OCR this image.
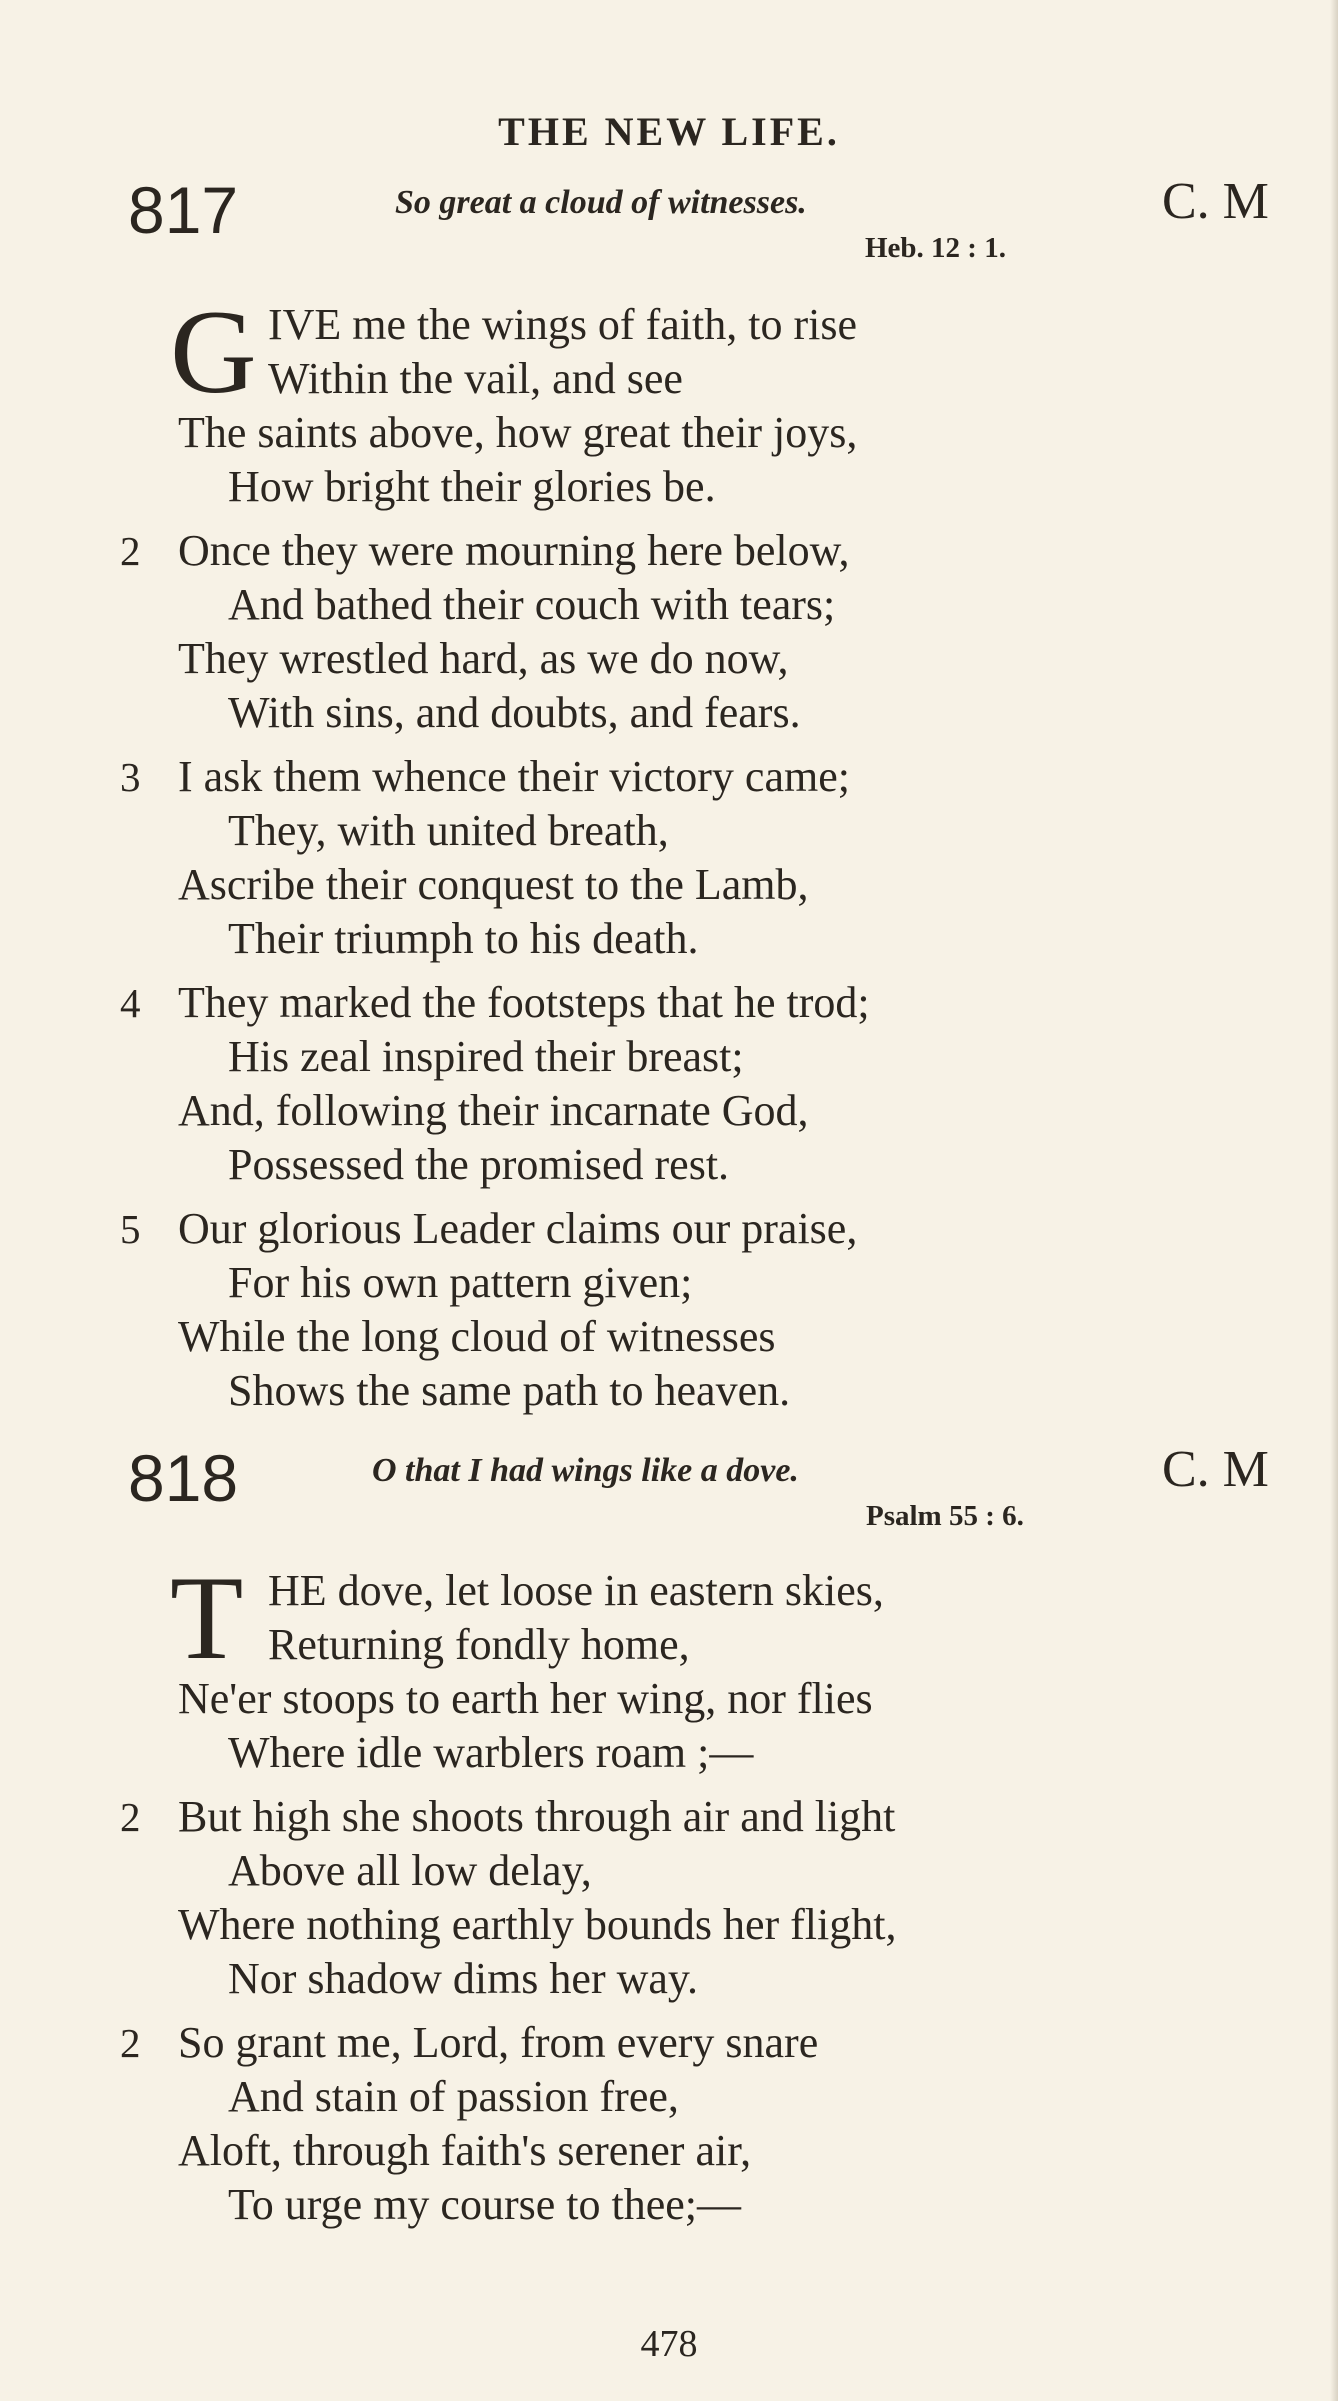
THE NEW LIFE.
817	So great a cloud of witnesses.	C. M
Heb. 12 : 1.
G IVE me the wings of faith, to rise
Within the vail, and see
The saints above, how great their joys,
How bright their glories be.
2 Once they were mourning here below,
And bathed their couch with tears;
They wrestled hard, as we do now,
With sins, and doubts, and fears.
3 I ask them whence their victory came;
They, with united breath,
Ascribe their conquest to the Lamb,
Their triumph to his death.
4 They marked the footsteps that he trod;
His zeal inspired their breast;
And, following their incarnate God,
Possessed the promised rest.
5 Our glorious Leader claims our praise,
For his own pattern given;
While the long cloud of witnesses
Shows the same path to heaven.
818	O that I had wings like a dove.	C. M
Psalm 55 : 6.
T HE dove, let loose in eastern skies,
Returning fondly home,
Ne'er stoops to earth her wing, nor flies
Where idle warblers roam ;—
2 But high she shoots through air and light
Above all low delay,
Where nothing earthly bounds her flight,
Nor shadow dims her way.
2 So grant me, Lord, from every snare
And stain of passion free,
Aloft, through faith's serener air,
To urge my course to thee;—
478
